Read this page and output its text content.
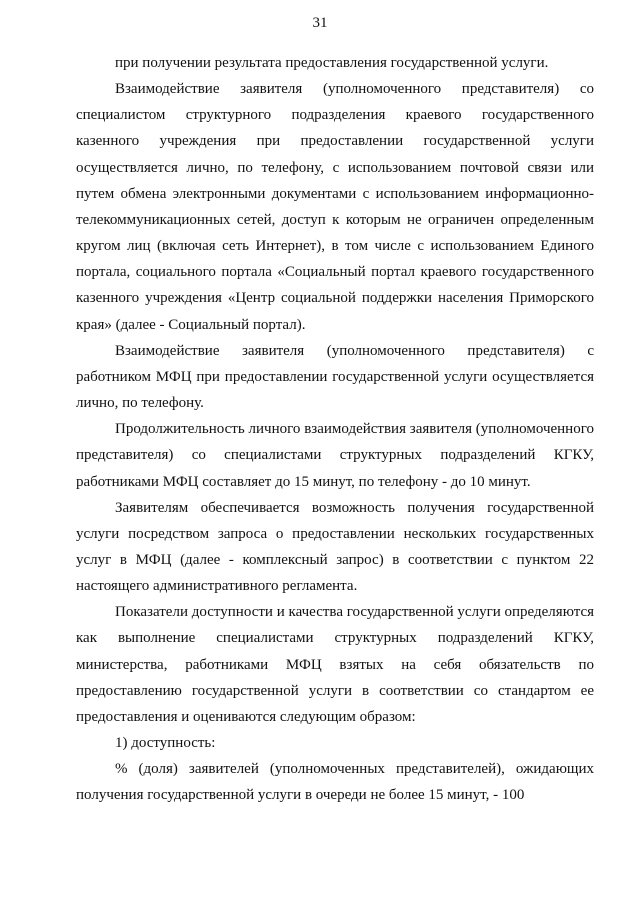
31

при получении результата предоставления государственной услуги.

Взаимодействие заявителя (уполномоченного представителя) со специалистом структурного подразделения краевого государственного казенного учреждения при предоставлении государственной услуги осуществляется лично, по телефону, с использованием почтовой связи или путем обмена электронными документами с использованием информационно-телекоммуникационных сетей, доступ к которым не ограничен определенным кругом лиц (включая сеть Интернет), в том числе с использованием Единого портала, социального портала «Социальный портал краевого государственного казенного учреждения «Центр социальной поддержки населения Приморского края» (далее - Социальный портал).

Взаимодействие заявителя (уполномоченного представителя) с работником МФЦ при предоставлении государственной услуги осуществляется лично, по телефону.

Продолжительность личного взаимодействия заявителя (уполномоченного представителя) со специалистами структурных подразделений КГКУ, работниками МФЦ составляет до 15 минут, по телефону - до 10 минут.

Заявителям обеспечивается возможность получения государственной услуги посредством запроса о предоставлении нескольких государственных услуг в МФЦ (далее - комплексный запрос) в соответствии с пунктом 22 настоящего административного регламента.

Показатели доступности и качества государственной услуги определяются как выполнение специалистами структурных подразделений КГКУ, министерства, работниками МФЦ взятых на себя обязательств по предоставлению государственной услуги в соответствии со стандартом ее предоставления и оцениваются следующим образом:

1) доступность:

% (доля) заявителей (уполномоченных представителей), ожидающих получения государственной услуги в очереди не более 15 минут, - 100
